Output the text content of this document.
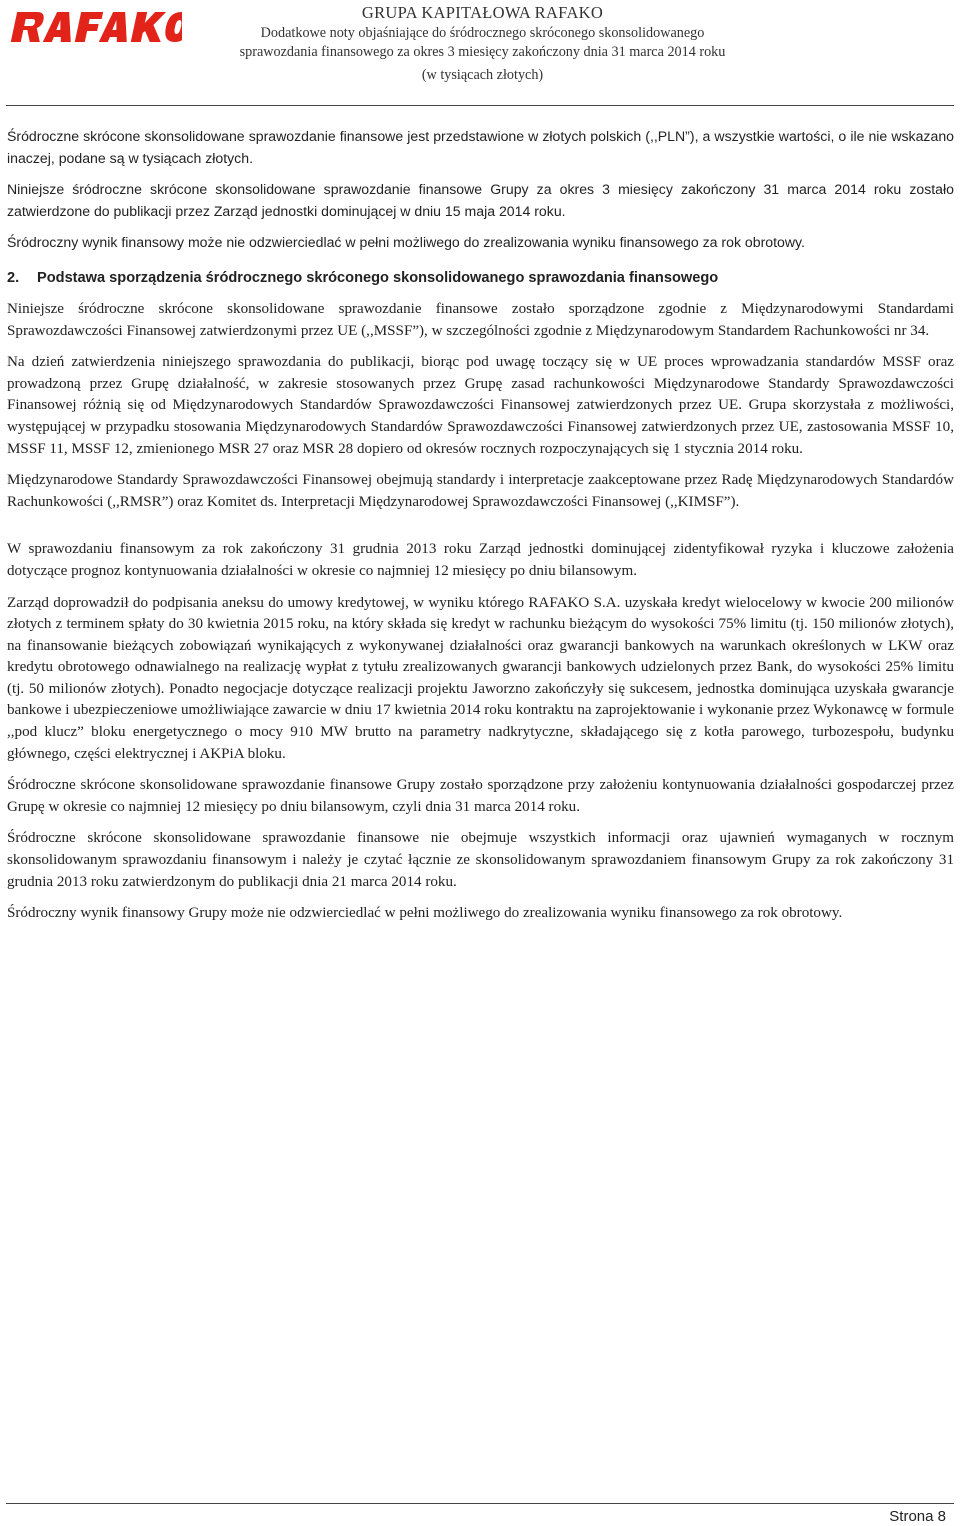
GRUPA KAPITAŁOWA RAFAKO
Dodatkowe noty objaśniające do śródrocznego skróconego skonsolidowanego
sprawozdania finansowego za okres 3 miesięcy zakończony dnia 31 marca 2014 roku
(w tysiącach złotych)

Śródroczne skrócone skonsolidowane sprawozdanie finansowe jest przedstawione w złotych polskich (,,PLN”), a wszystkie wartości, o ile nie wskazano inaczej, podane są w tysiącach złotych.

Niniejsze śródroczne skrócone skonsolidowane sprawozdanie finansowe Grupy za okres 3 miesięcy zakończony 31 marca 2014 roku zostało zatwierdzone do publikacji przez Zarząd jednostki dominującej w dniu 15 maja 2014 roku.

Śródroczny wynik finansowy może nie odzwierciedlać w pełni możliwego do zrealizowania wyniku finansowego za rok obrotowy.

2. Podstawa sporządzenia śródrocznego skróconego skonsolidowanego sprawozdania finansowego

Niniejsze śródroczne skrócone skonsolidowane sprawozdanie finansowe zostało sporządzone zgodnie z Międzynarodowymi Standardami Sprawozdawczości Finansowej zatwierdzonymi przez UE (,,MSSF”), w szczególności zgodnie z Międzynarodowym Standardem Rachunkowości nr 34.

Na dzień zatwierdzenia niniejszego sprawozdania do publikacji, biorąc pod uwagę toczący się w UE proces wprowadzania standardów MSSF oraz prowadzoną przez Grupę działalność, w zakresie stosowanych przez Grupę zasad rachunkowości Międzynarodowe Standardy Sprawozdawczości Finansowej różnią się od Międzynarodowych Standardów Sprawozdawczości Finansowej zatwierdzonych przez UE. Grupa skorzystała z możliwości, występującej w przypadku stosowania Międzynarodowych Standardów Sprawozdawczości Finansowej zatwierdzonych przez UE, zastosowania MSSF 10, MSSF 11, MSSF 12, zmienionego MSR 27 oraz MSR 28 dopiero od okresów rocznych rozpoczynających się 1 stycznia 2014 roku.

Międzynarodowe Standardy Sprawozdawczości Finansowej obejmują standardy i interpretacje zaakceptowane przez Radę Międzynarodowych Standardów Rachunkowości (,,RMSR”) oraz Komitet ds. Interpretacji Międzynarodowej Sprawozdawczości Finansowej (,,KIMSF”).

W sprawozdaniu finansowym za rok zakończony 31 grudnia 2013 roku Zarząd jednostki dominującej zidentyfikował ryzyka i kluczowe założenia dotyczące prognoz kontynuowania działalności w okresie co najmniej 12 miesięcy po dniu bilansowym.

Zarząd doprowadził do podpisania aneksu do umowy kredytowej, w wyniku którego RAFAKO S.A. uzyskała kredyt wielocelowy w kwocie 200 milionów złotych z terminem spłaty do 30 kwietnia 2015 roku, na który składa się kredyt w rachunku bieżącym do wysokości 75% limitu (tj. 150 milionów złotych), na finansowanie bieżących zobowiązań wynikających z wykonywanej działalności oraz gwarancji bankowych na warunkach określonych w LKW oraz kredytu obrotowego odnawialnego na realizację wypłat z tytułu zrealizowanych gwarancji bankowych udzielonych przez Bank, do wysokości 25% limitu (tj. 50 milionów złotych). Ponadto negocjacje dotyczące realizacji projektu Jaworzno zakończyły się sukcesem, jednostka dominująca uzyskała gwarancje bankowe i ubezpieczeniowe umożliwiające zawarcie w dniu 17 kwietnia 2014 roku kontraktu na zaprojektowanie i wykonanie przez Wykonawcę w formule ,,pod klucz” bloku energetycznego o mocy 910 MW brutto na parametry nadkrytyczne, składającego się z kotła parowego, turbozespołu, budynku głównego, części elektrycznej i AKPiA bloku.

Śródroczne skrócone skonsolidowane sprawozdanie finansowe Grupy zostało sporządzone przy założeniu kontynuowania działalności gospodarczej przez Grupę w okresie co najmniej 12 miesięcy po dniu bilansowym, czyli dnia 31 marca 2014 roku.

Śródroczne skrócone skonsolidowane sprawozdanie finansowe nie obejmuje wszystkich informacji oraz ujawnień wymaganych w rocznym skonsolidowanym sprawozdaniu finansowym i należy je czytać łącznie ze skonsolidowanym sprawozdaniem finansowym Grupy za rok zakończony 31 grudnia 2013 roku zatwierdzonym do publikacji dnia 21 marca 2014 roku.

Śródroczny wynik finansowy Grupy może nie odzwierciedlać w pełni możliwego do zrealizowania wyniku finansowego za rok obrotowy.

Strona 8
